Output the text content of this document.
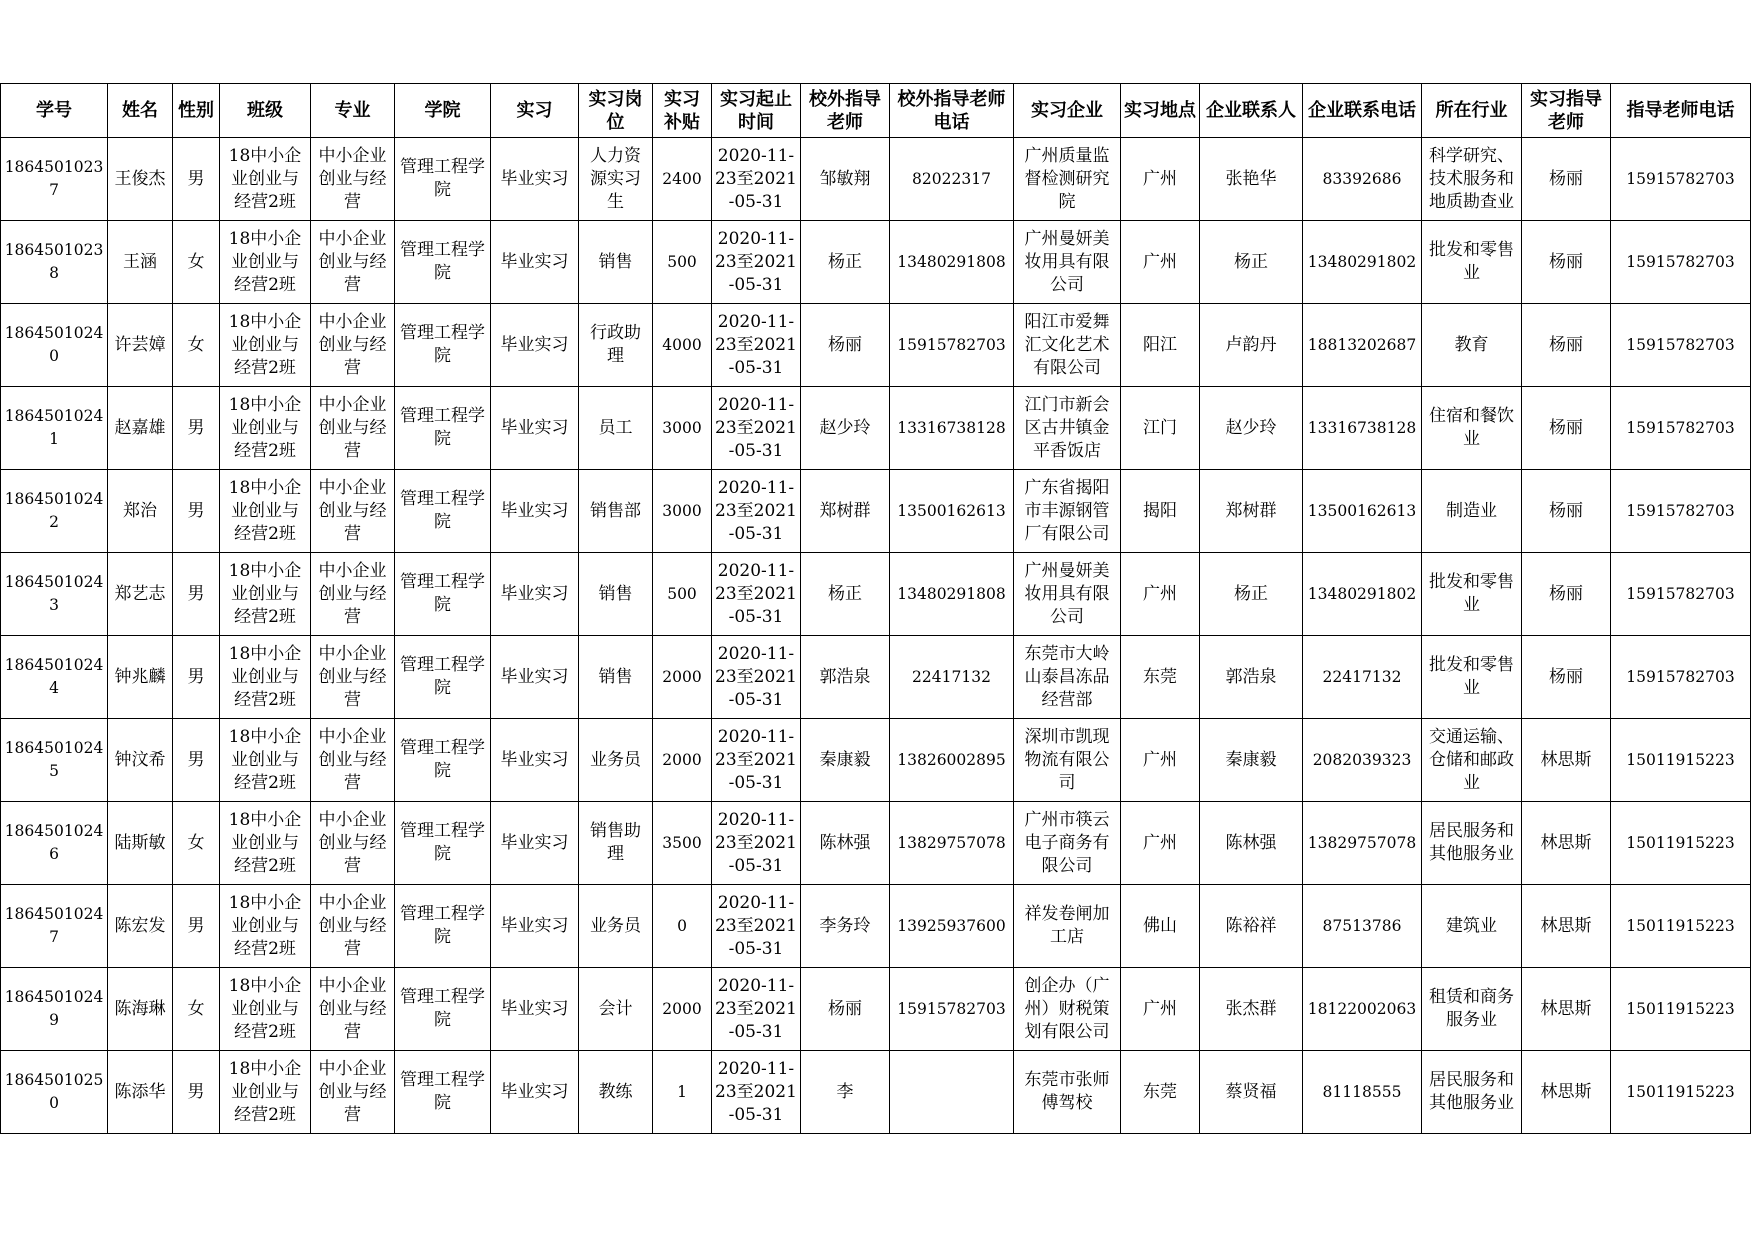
学号	姓名	性别	班级	专业	学院	实习	实习岗位	实习补贴	实习起止时间	校外指导老师	校外指导老师电话	实习企业	实习地点	企业联系人	企业联系电话	所在行业	实习指导老师	指导老师电话
18645010237	王俊杰	男	18中小企业创业与经营2班	中小企业创业与经营	管理工程学院	毕业实习	人力资源实习生	2400	2020-11-23至2021-05-31	邹敏翔	82022317	广州质量监督检测研究院	广州	张艳华	83392686	科学研究、技术服务和地质勘查业	杨丽	15915782703
18645010238	王涵	女	18中小企业创业与经营2班	中小企业创业与经营	管理工程学院	毕业实习	销售	500	2020-11-23至2021-05-31	杨正	13480291808	广州曼妍美妆用具有限公司	广州	杨正	13480291802	批发和零售业	杨丽	15915782703
18645010240	许芸嫜	女	18中小企业创业与经营2班	中小企业创业与经营	管理工程学院	毕业实习	行政助理	4000	2020-11-23至2021-05-31	杨丽	15915782703	阳江市爱舞汇文化艺术有限公司	阳江	卢韵丹	18813202687	教育	杨丽	15915782703
18645010241	赵嘉雄	男	18中小企业创业与经营2班	中小企业创业与经营	管理工程学院	毕业实习	员工	3000	2020-11-23至2021-05-31	赵少玲	13316738128	江门市新会区古井镇金平香饭店	江门	赵少玲	13316738128	住宿和餐饮业	杨丽	15915782703
18645010242	郑治	男	18中小企业创业与经营2班	中小企业创业与经营	管理工程学院	毕业实习	销售部	3000	2020-11-23至2021-05-31	郑树群	13500162613	广东省揭阳市丰源钢管厂有限公司	揭阳	郑树群	13500162613	制造业	杨丽	15915782703
18645010243	郑艺志	男	18中小企业创业与经营2班	中小企业创业与经营	管理工程学院	毕业实习	销售	500	2020-11-23至2021-05-31	杨正	13480291808	广州曼妍美妆用具有限公司	广州	杨正	13480291802	批发和零售业	杨丽	15915782703
18645010244	钟兆麟	男	18中小企业创业与经营2班	中小企业创业与经营	管理工程学院	毕业实习	销售	2000	2020-11-23至2021-05-31	郭浩泉	22417132	东莞市大岭山泰昌冻品经营部	东莞	郭浩泉	22417132	批发和零售业	杨丽	15915782703
18645010245	钟汶希	男	18中小企业创业与经营2班	中小企业创业与经营	管理工程学院	毕业实习	业务员	2000	2020-11-23至2021-05-31	秦康毅	13826002895	深圳市凯现物流有限公司	广州	秦康毅	2082039323	交通运输、仓储和邮政业	林思斯	15011915223
18645010246	陆斯敏	女	18中小企业创业与经营2班	中小企业创业与经营	管理工程学院	毕业实习	销售助理	3500	2020-11-23至2021-05-31	陈林强	13829757078	广州市筷云电子商务有限公司	广州	陈林强	13829757078	居民服务和其他服务业	林思斯	15011915223
18645010247	陈宏发	男	18中小企业创业与经营2班	中小企业创业与经营	管理工程学院	毕业实习	业务员	0	2020-11-23至2021-05-31	李务玲	13925937600	祥发卷闸加工店	佛山	陈裕祥	87513786	建筑业	林思斯	15011915223
18645010249	陈海琳	女	18中小企业创业与经营2班	中小企业创业与经营	管理工程学院	毕业实习	会计	2000	2020-11-23至2021-05-31	杨丽	15915782703	创企办（广州）财税策划有限公司	广州	张杰群	18122002063	租赁和商务服务业	林思斯	15011915223
18645010250	陈添华	男	18中小企业创业与经营2班	中小企业创业与经营	管理工程学院	毕业实习	教练	1	2020-11-23至2021-05-31	李		东莞市张师傅驾校	东莞	蔡贤福	81118555	居民服务和其他服务业	林思斯	15011915223
